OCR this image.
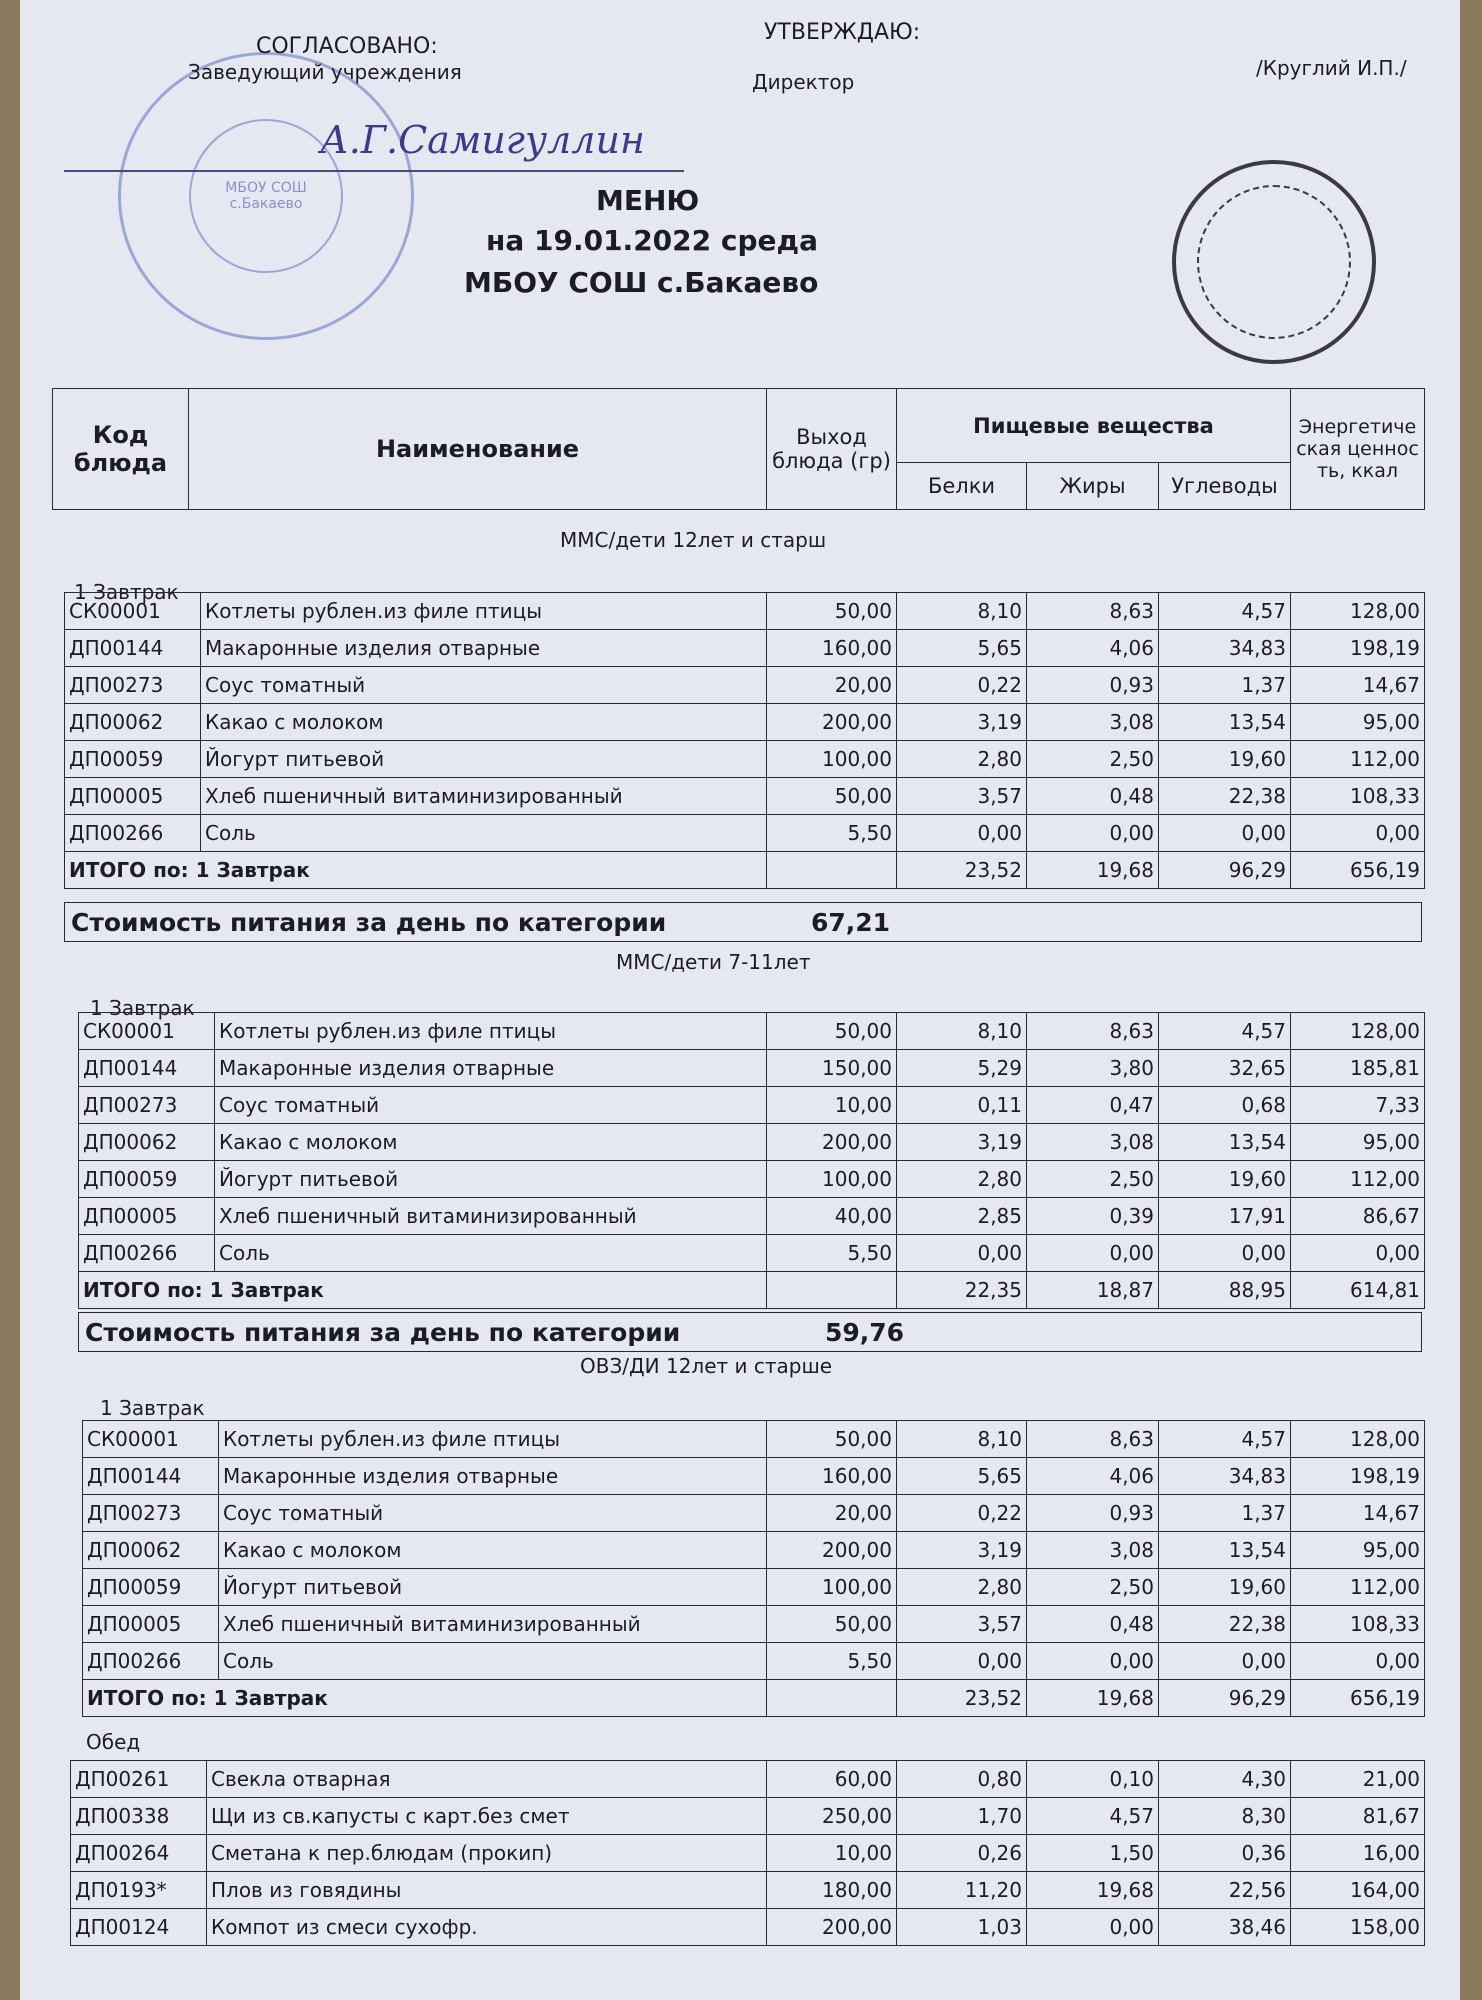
МБОУ СОШ с.Бакаево
СОГЛАСОВАНО:
Заведующий учреждения
А.Г.Самигуллин
УТВЕРЖДАЮ:
Директор
/Круглий И.П./
МЕНЮ
на 19.01.2022 среда
МБОУ СОШ с.Бакаево
Код блюда	Наименование	Выход блюда (гр)	Пищевые вещества			Энергетическая ценность, ккал
			Белки	Жиры	Углеводы	
ММС/дети 12лет и старш
1 Завтрак
СК00001	Котлеты рублен.из филе птицы	50,00	8,10	8,63	4,57	128,00
ДП00144	Макаронные изделия отварные	160,00	5,65	4,06	34,83	198,19
ДП00273	Соус томатный	20,00	0,22	0,93	1,37	14,67
ДП00062	Какао с молоком	200,00	3,19	3,08	13,54	95,00
ДП00059	Йогурт питьевой	100,00	2,80	2,50	19,60	112,00
ДП00005	Хлеб пшеничный витаминизированный	50,00	3,57	0,48	22,38	108,33
ДП00266	Соль	5,50	0,00	0,00	0,00	0,00
ИТОГО по: 1 Завтрак			23,52	19,68	96,29	656,19
Стоимость питания за день по категории	67,21
ММС/дети 7-11лет
1 Завтрак
СК00001	Котлеты рублен.из филе птицы	50,00	8,10	8,63	4,57	128,00
ДП00144	Макаронные изделия отварные	150,00	5,29	3,80	32,65	185,81
ДП00273	Соус томатный	10,00	0,11	0,47	0,68	7,33
ДП00062	Какао с молоком	200,00	3,19	3,08	13,54	95,00
ДП00059	Йогурт питьевой	100,00	2,80	2,50	19,60	112,00
ДП00005	Хлеб пшеничный витаминизированный	40,00	2,85	0,39	17,91	86,67
ДП00266	Соль	5,50	0,00	0,00	0,00	0,00
ИТОГО по: 1 Завтрак			22,35	18,87	88,95	614,81
Стоимость питания за день по категории	59,76
ОВЗ/ДИ 12лет и старше
1 Завтрак
СК00001	Котлеты рублен.из филе птицы	50,00	8,10	8,63	4,57	128,00
ДП00144	Макаронные изделия отварные	160,00	5,65	4,06	34,83	198,19
ДП00273	Соус томатный	20,00	0,22	0,93	1,37	14,67
ДП00062	Какао с молоком	200,00	3,19	3,08	13,54	95,00
ДП00059	Йогурт питьевой	100,00	2,80	2,50	19,60	112,00
ДП00005	Хлеб пшеничный витаминизированный	50,00	3,57	0,48	22,38	108,33
ДП00266	Соль	5,50	0,00	0,00	0,00	0,00
ИТОГО по: 1 Завтрак			23,52	19,68	96,29	656,19
Обед
ДП00261	Свекла отварная	60,00	0,80	0,10	4,30	21,00
ДП00338	Щи из св.капусты с карт.без смет	250,00	1,70	4,57	8,30	81,67
ДП00264	Сметана к пер.блюдам (прокип)	10,00	0,26	1,50	0,36	16,00
ДП0193*	Плов из говядины	180,00	11,20	19,68	22,56	164,00
ДП00124	Компот из смеси сухофр.	200,00	1,03	0,00	38,46	158,00
